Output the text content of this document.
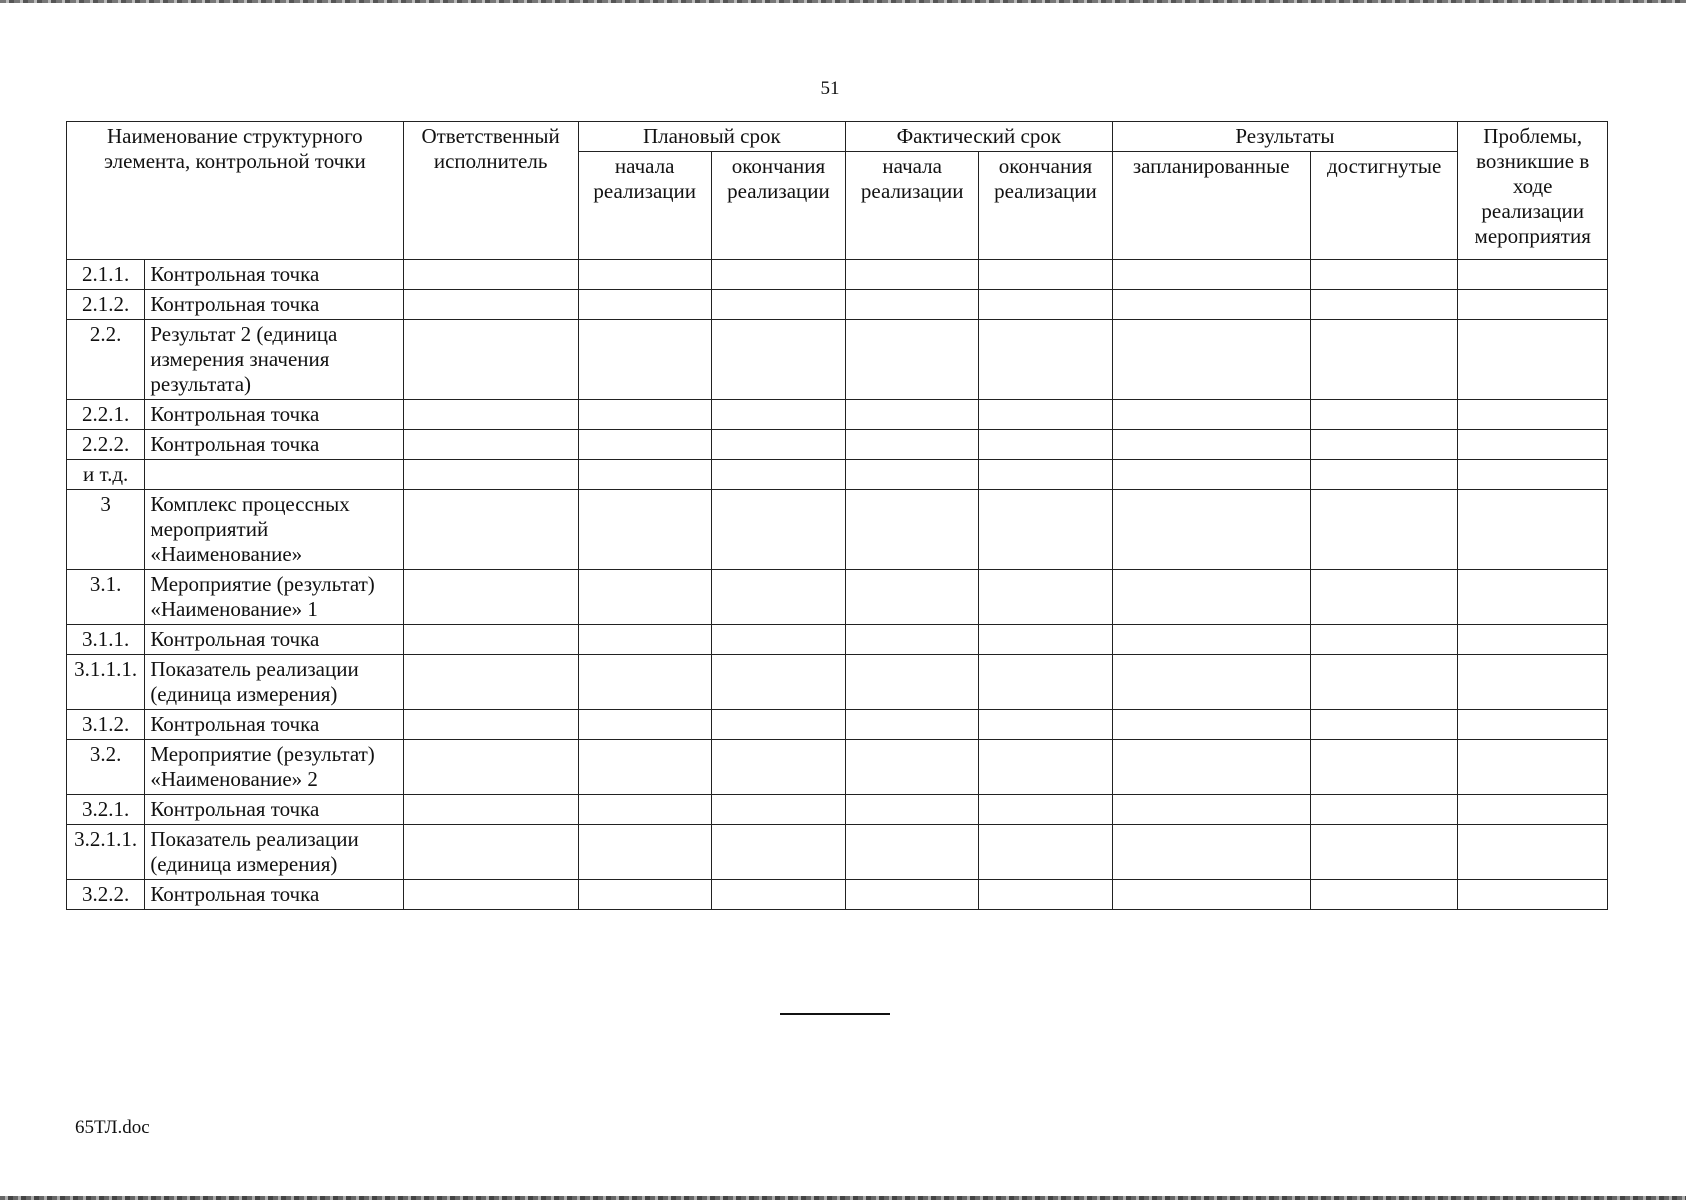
51
Наименование структурного элемента, контрольной точки		Ответственный исполнитель	Плановый срок		Фактический срок		Результаты		Проблемы, возникшие в ходе реализации мероприятия
			начала реализации	окончания реализации	начала реализации	окончания реализации	запланированные	достигнутые	
2.1.1.	Контрольная точка								
2.1.2.	Контрольная точка								
2.2.	Результат 2 (единица измерения значения результата)								
2.2.1.	Контрольная точка								
2.2.2.	Контрольная точка								
и т.д.									
3	Комплекс процессных мероприятий «Наименование»								
3.1.	Мероприятие (результат) «Наименование» 1								
3.1.1.	Контрольная точка								
3.1.1.1.	Показатель реализации (единица измерения)								
3.1.2.	Контрольная точка								
3.2.	Мероприятие (результат) «Наименование» 2								
3.2.1.	Контрольная точка								
3.2.1.1.	Показатель реализации (единица измерения)								
3.2.2.	Контрольная точка								
65ТЛ.doc
